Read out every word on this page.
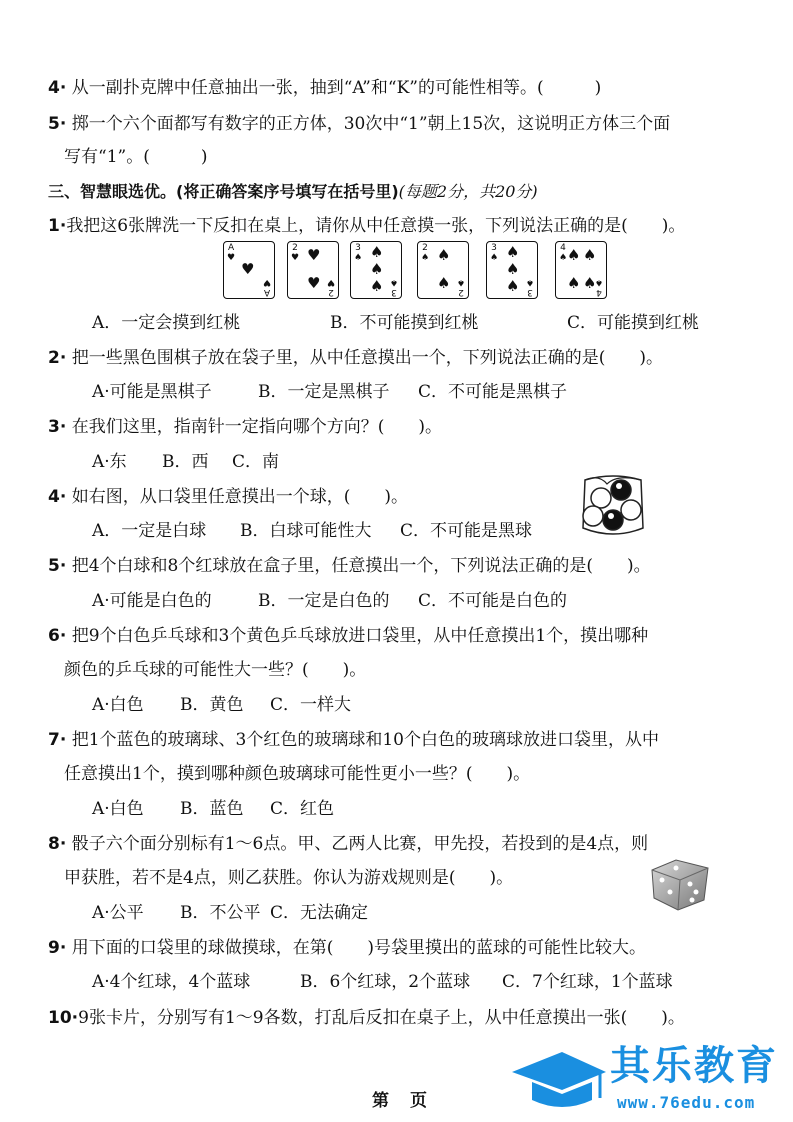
4· 从一副扑克牌中任意抽出一张，抽到“A”和“K”的可能性相等。(　　　)
5· 掷一个六个面都写有数字的正方体，30次中“1”朝上15次，这说明正方体三个面
写有“1”。(　　　)
三、智慧眼选优。(将正确答案序号填写在括号里)(每题2分，共20分)
1·我把这6张牌洗一下反扣在桌上，请你从中任意摸一张，下列说法正确的是(　　)。
A
♥
♥
A
♥
2
♥ ♥
♥ 2
♥
3
♠ ♠
♠
♠ 3
♠
2
♠ ♠
♠ 2
♠
3
♠ ♠
♠
♠ 3
♠
4
♠ ♠ ♠
♠ ♠ 4
♠
A．一定会摸到红桃	B．不可能摸到红桃	C．可能摸到红桃
2· 把一些黑色围棋子放在袋子里，从中任意摸出一个，下列说法正确的是(　　)。
A·可能是黑棋子	B．一定是黑棋子 C．不可能是黑棋子
3· 在我们这里，指南针一定指向哪个方向？(　　)。
A·东 B．西 C．南
4· 如右图，从口袋里任意摸出一个球，(　　)。
A．一定是白球 B．白球可能性大 C．不可能是黑球
5· 把4个白球和8个红球放在盒子里，任意摸出一个，下列说法正确的是(　　)。
A·可能是白色的	B．一定是白色的 C．不可能是白色的
6· 把9个白色乒乓球和3个黄色乒乓球放进口袋里，从中任意摸出1个，摸出哪种
颜色的乒乓球的可能性大一些？(　　)。
A·白色 B．黄色 C．一样大
7· 把1个蓝色的玻璃球、3个红色的玻璃球和10个白色的玻璃球放进口袋里，从中
任意摸出1个，摸到哪种颜色玻璃球可能性更小一些？(　　)。
A·白色 B．蓝色 C．红色
8· 骰子六个面分别标有1～6点。甲、乙两人比赛，甲先投，若投到的是4点，则
甲获胜，若不是4点，则乙获胜。你认为游戏规则是(　　)。
A·公平 B．不公平 C．无法确定
9· 用下面的口袋里的球做摸球，在第(　　)号袋里摸出的蓝球的可能性比较大。
A·4个红球，4个蓝球	B．6个红球，2个蓝球 C．7个红球，1个蓝球
10·9张卡片，分别写有1～9各数，打乱后反扣在桌子上，从中任意摸出一张(　　)。
第　页
其乐教育
www.76edu.com
